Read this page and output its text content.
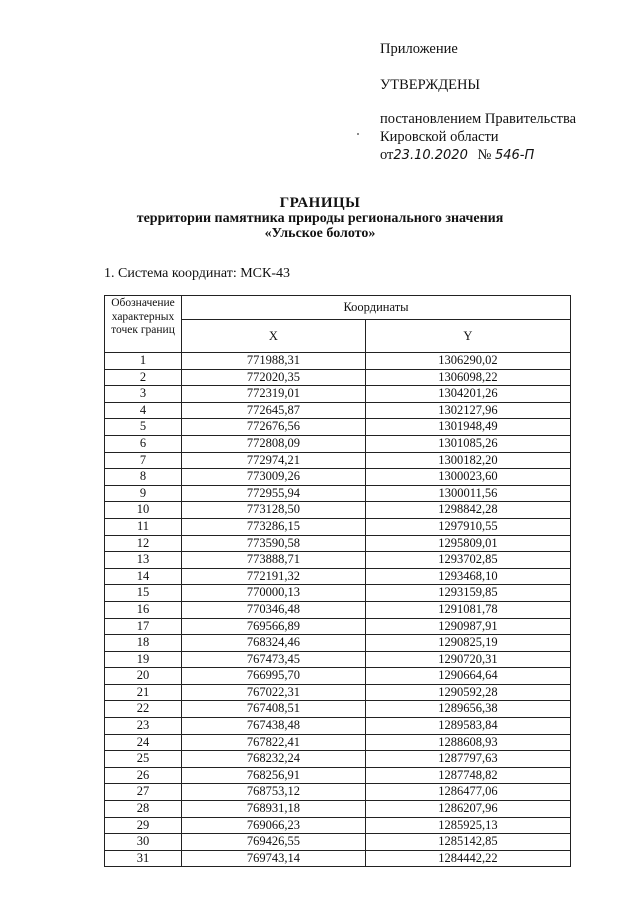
Приложение
УТВЕРЖДЕНЫ
постановлением Правительства
Кировской области
от23.10.2020 № 546-П
ГРАНИЦЫ
территории памятника природы регионального значения
«Ульское болото»
1. Система координат: МСК-43
Обозначение характерных точек границ	Координаты	
	X	Y
1	771988,31	1306290,02
2	772020,35	1306098,22
3	772319,01	1304201,26
4	772645,87	1302127,96
5	772676,56	1301948,49
6	772808,09	1301085,26
7	772974,21	1300182,20
8	773009,26	1300023,60
9	772955,94	1300011,56
10	773128,50	1298842,28
11	773286,15	1297910,55
12	773590,58	1295809,01
13	773888,71	1293702,85
14	772191,32	1293468,10
15	770000,13	1293159,85
16	770346,48	1291081,78
17	769566,89	1290987,91
18	768324,46	1290825,19
19	767473,45	1290720,31
20	766995,70	1290664,64
21	767022,31	1290592,28
22	767408,51	1289656,38
23	767438,48	1289583,84
24	767822,41	1288608,93
25	768232,24	1287797,63
26	768256,91	1287748,82
27	768753,12	1286477,06
28	768931,18	1286207,96
29	769066,23	1285925,13
30	769426,55	1285142,85
31	769743,14	1284442,22
